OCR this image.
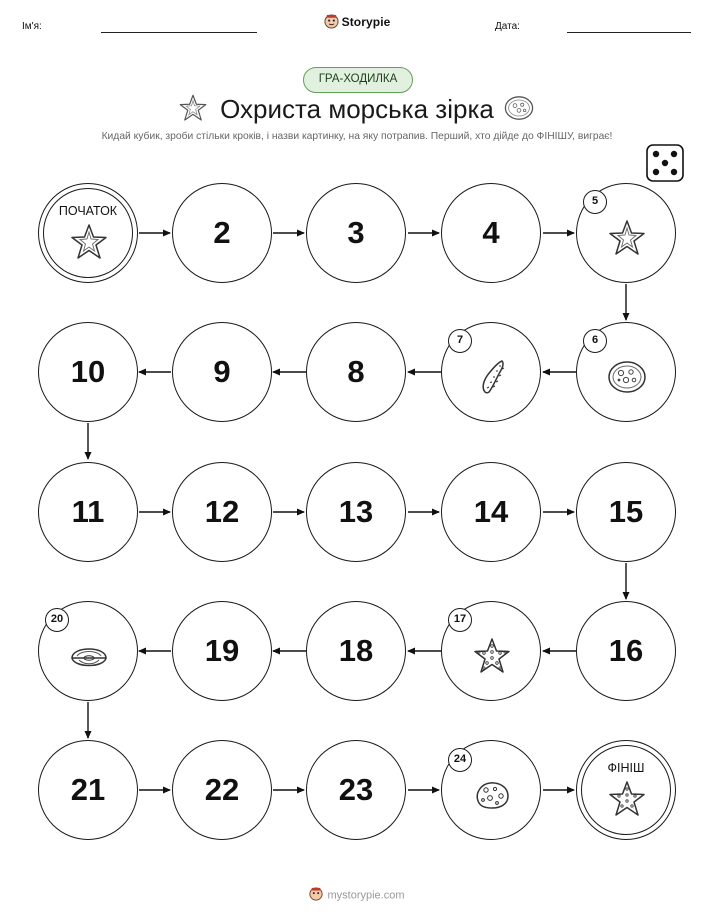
Ім'я:	Storypie	Дата:
ГРА-ХОДИЛКА
Охриста морська зірка
Кидай кубик, зроби стільки кроків, і назви картинку, на яку потрапив. Перший, хто дійде до ФІНІШУ, виграє!
ПОЧАТОК
2	3	4
5
10	9	8
7	6
11	12	13	14	15
20
19	18
17
16
21	22	23
24
ФІНІШ
mystorypie.com
